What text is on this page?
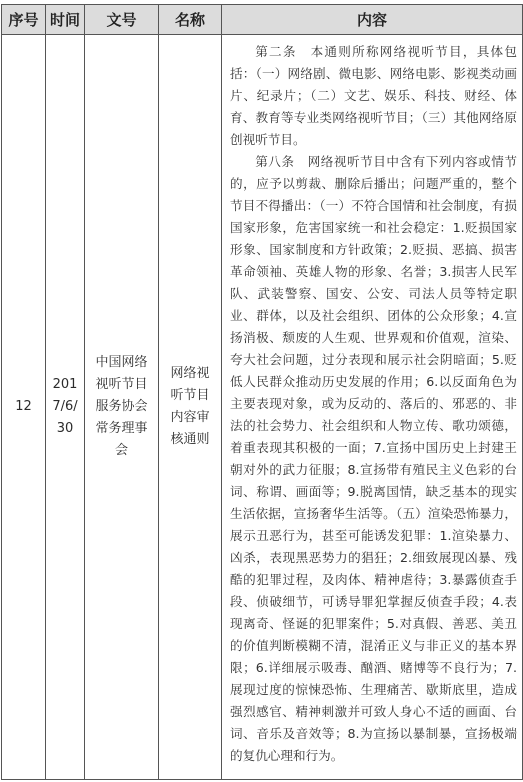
序号	时间	文号	名称	内容
12	2017/6/30	中国网络视听节目服务协会常务理事会	网络视听节目内容审核通则	第二条　本通则所称网络视听节目，具体包括：（一）网络剧、微电影、网络电影、影视类动画片、纪录片；（二）文艺、娱乐、科技、财经、体育、教育等专业类网络视听节目；（三）其他网络原创视听节目。

第八条　网络视听节目中含有下列内容或情节的，应予以剪裁、删除后播出；问题严重的，整个节目不得播出：（一）不符合国情和社会制度，有损国家形象，危害国家统一和社会稳定：1.贬损国家形象、国家制度和方针政策；2.贬损、恶搞、损害革命领袖、英雄人物的形象、名誉；3.损害人民军队、武装警察、国安、公安、司法人员等特定职业、群体，以及社会组织、团体的公众形象；4.宣扬消极、颓废的人生观、世界观和价值观，渲染、夸大社会问题，过分表现和展示社会阴暗面；5.贬低人民群众推动历史发展的作用；6.以反面角色为主要表现对象，或为反动的、落后的、邪恶的、非法的社会势力、社会组织和人物立传、歌功颂德，着重表现其积极的一面；7.宣扬中国历史上封建王朝对外的武力征服；8.宣扬带有殖民主义色彩的台词、称谓、画面等；9.脱离国情，缺乏基本的现实生活依据，宣扬奢华生活等。（五）渲染恐怖暴力，展示丑恶行为，甚至可能诱发犯罪：1.渲染暴力、凶杀，表现黑恶势力的猖狂；2.细致展现凶暴、残酷的犯罪过程，及肉体、精神虐待；3.暴露侦查手段、侦破细节，可诱导罪犯掌握反侦查手段；4.表现离奇、怪诞的犯罪案件；5.对真假、善恶、美丑的价值判断模糊不清，混淆正义与非正义的基本界限；6.详细展示吸毒、酗酒、赌博等不良行为；7.展现过度的惊悚恐怖、生理痛苦、歇斯底里，造成强烈感官、精神刺激并可致人身心不适的画面、台词、音乐及音效等；8.为宣扬以暴制暴，宣扬极端的复仇心理和行为。
